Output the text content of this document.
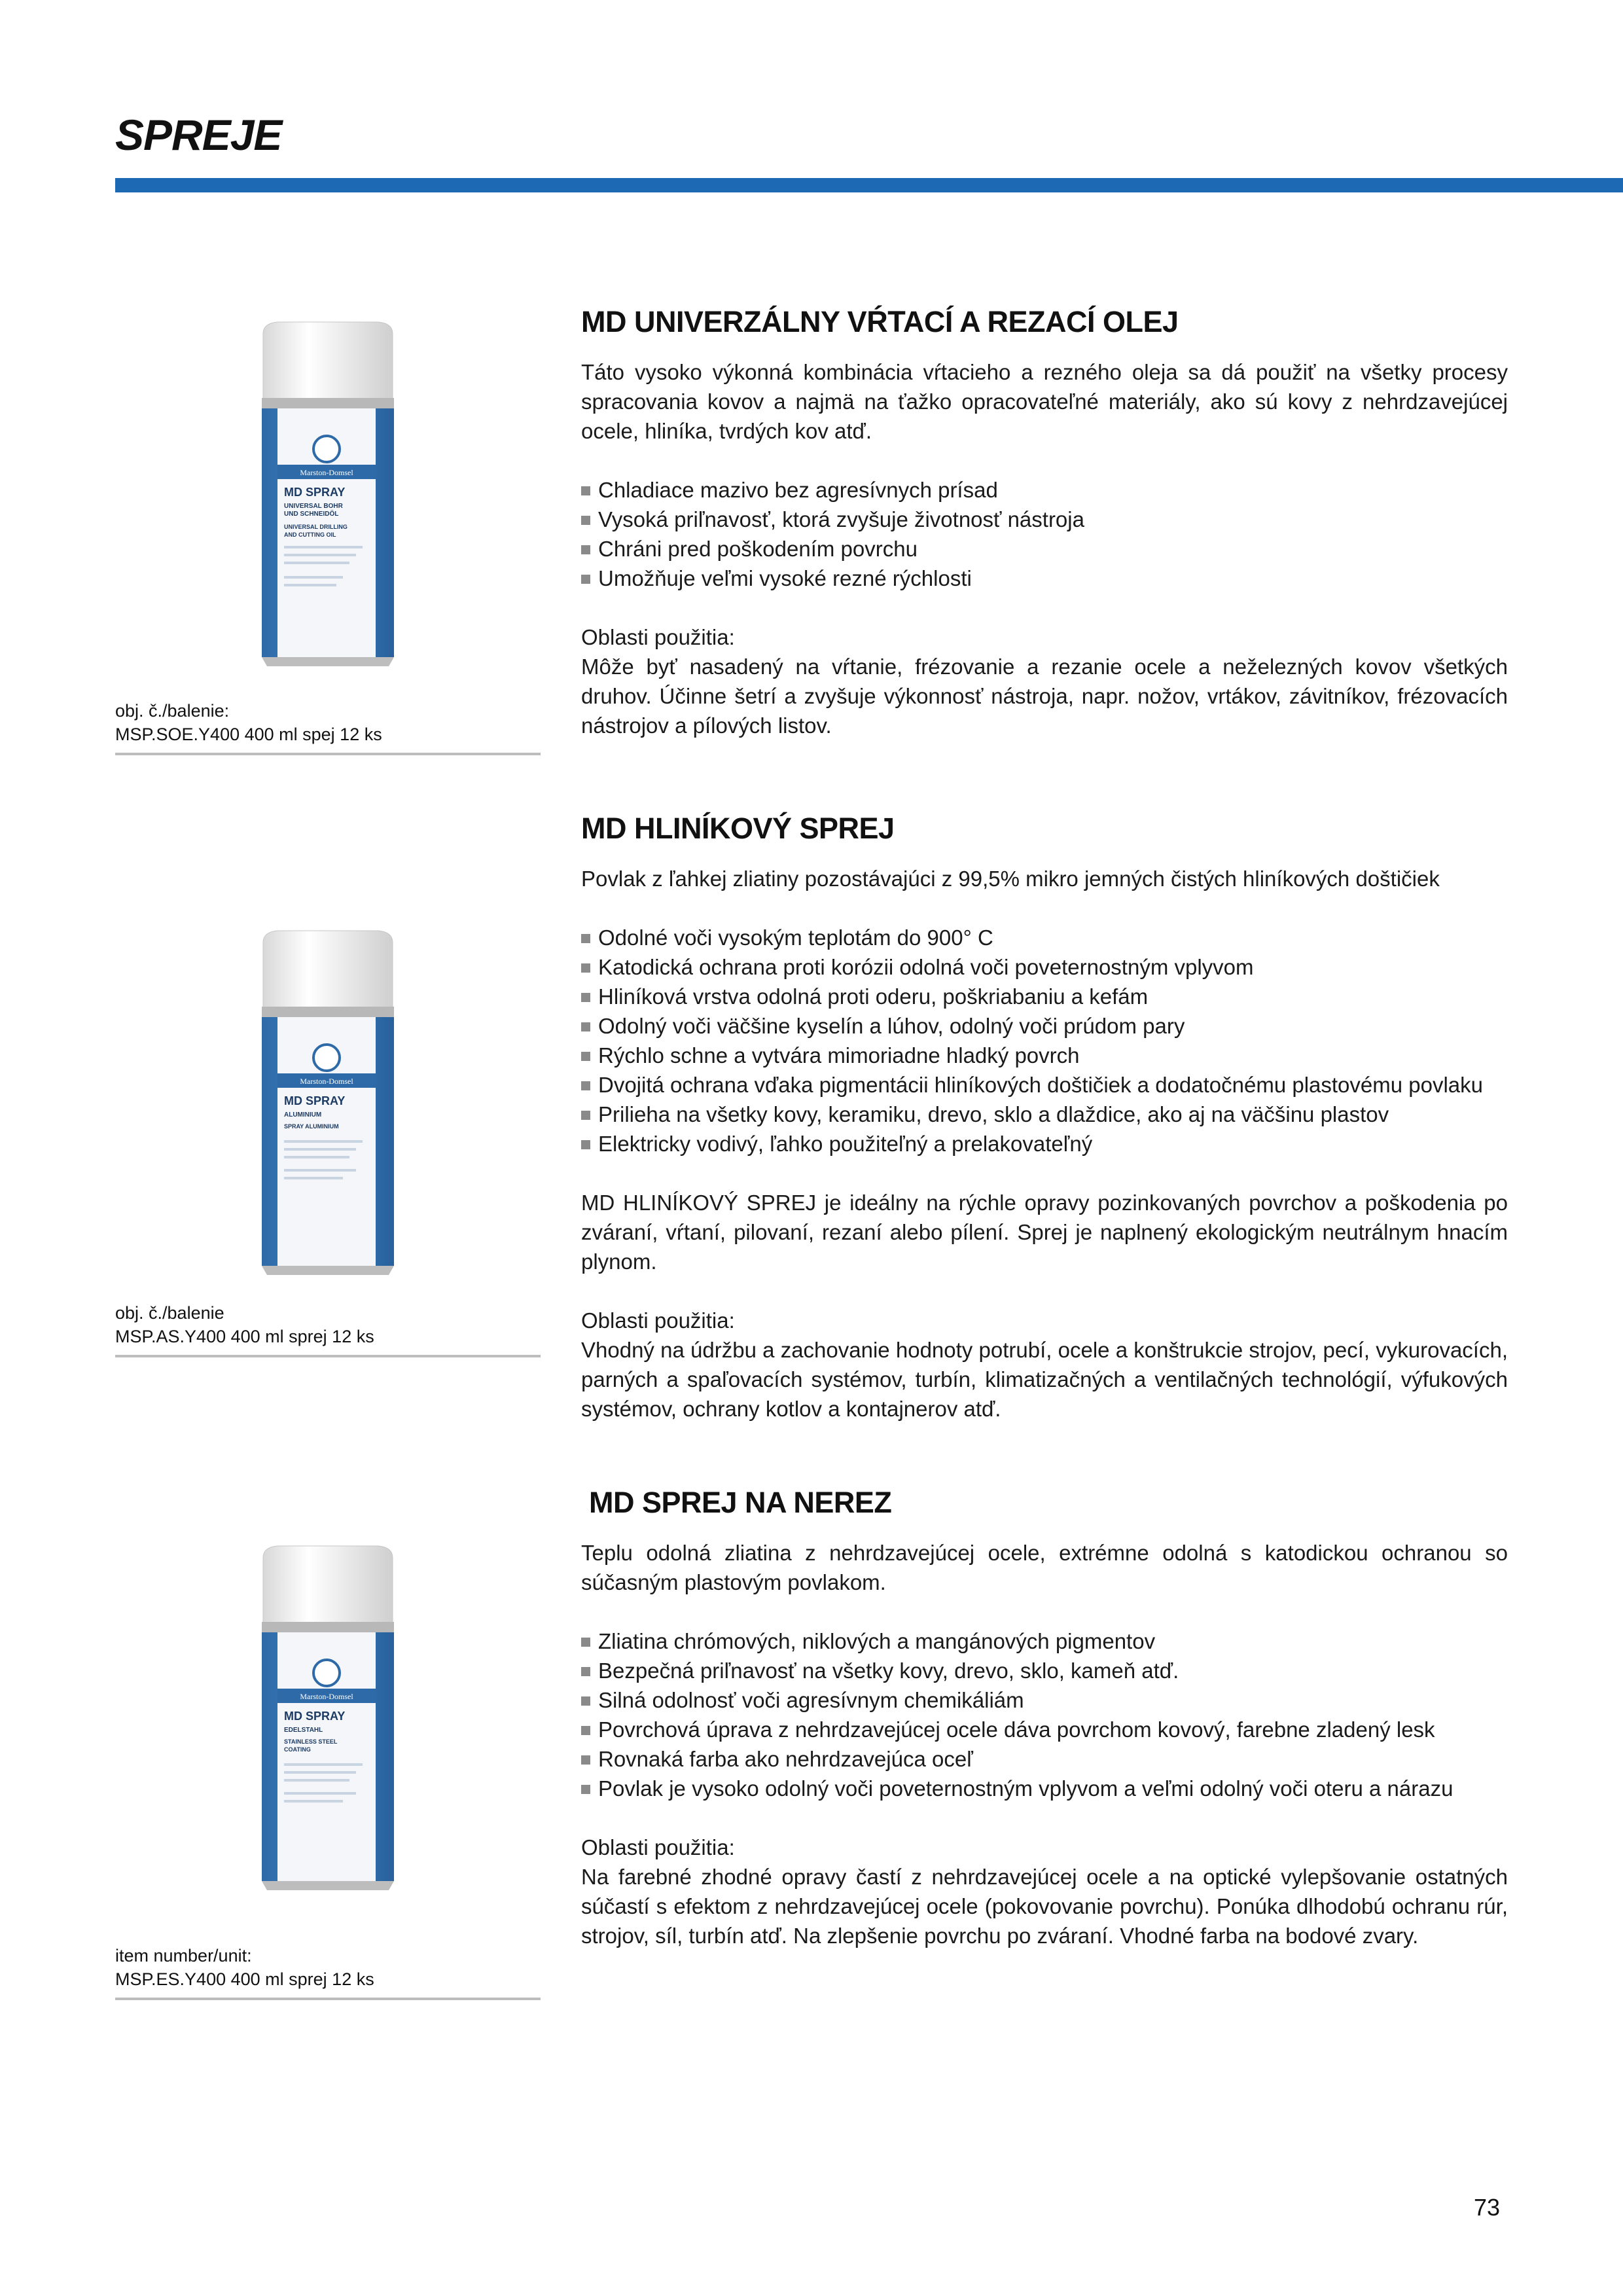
SPREJE
Marston-Domsel
MD SPRAY
UNIVERSAL BOHR
UND SCHNEIDÖL
UNIVERSAL DRILLING
AND CUTTING OIL
obj. č./balenie:
MSP.SOE.Y400 400 ml spej 12 ks
MD UNIVERZÁLNY VŔTACÍ A REZACÍ OLEJ

Táto vysoko výkonná kombinácia vŕtacieho a rezného oleja sa dá použiť na všetky procesy spracovania kovov a najmä na ťažko opracovateľné materiály, ako sú kovy z nehrdzavejúcej ocele, hliníka, tvrdých kov atď.

Chladiace mazivo bez agresívnych prísad
Vysoká priľnavosť, ktorá zvyšuje životnosť nástroja
Chráni pred poškodením povrchu
Umožňuje veľmi vysoké rezné rýchlosti

Oblasti použitia:

Môže byť nasadený na vŕtanie, frézovanie a rezanie ocele a neželezných kovov všetkých druhov. Účinne šetrí a zvyšuje výkonnosť nástroja, napr. nožov, vrtákov, závitníkov, frézovacích nástrojov a pílových listov.

Marston-Domsel
MD SPRAY
ALUMINIUM
SPRAY ALUMINIUM
obj. č./balenie
MSP.AS.Y400 400 ml sprej 12 ks
MD HLINÍKOVÝ SPREJ

Povlak z ľahkej zliatiny pozostávajúci z 99,5% mikro jemných čistých hliníkových doštičiek

Odolné voči vysokým teplotám do 900° C
Katodická ochrana proti korózii odolná voči poveternostným vplyvom
Hliníková vrstva odolná proti oderu, poškriabaniu a kefám
Odolný voči väčšine kyselín a lúhov, odolný voči prúdom pary
Rýchlo schne a vytvára mimoriadne hladký povrch
Dvojitá ochrana vďaka pigmentácii hliníkových doštičiek a dodatočnému plastovému povlaku
Prilieha na všetky kovy, keramiku, drevo, sklo a dlaždice, ako aj na väčšinu plastov
Elektricky vodivý, ľahko použiteľný a prelakovateľný

MD HLINÍKOVÝ SPREJ je ideálny na rýchle opravy pozinkovaných povrchov a poškodenia po zváraní, vŕtaní, pilovaní, rezaní alebo pílení. Sprej je naplnený ekologickým neutrálnym hnacím plynom.

Oblasti použitia:

Vhodný na údržbu a zachovanie hodnoty potrubí, ocele a konštrukcie strojov, pecí, vykurovacích, parných a spaľovacích systémov, turbín, klimatizačných a ventilačných technológií, výfukových systémov, ochrany kotlov a kontajnerov atď.

Marston-Domsel
MD SPRAY
EDELSTAHL
STAINLESS STEEL
COATING
item number/unit:
MSP.ES.Y400 400 ml sprej 12 ks
MD SPREJ NA NEREZ

Teplu odolná zliatina z nehrdzavejúcej ocele, extrémne odolná s katodickou ochranou so súčasným plastovým povlakom.

Zliatina chrómových, niklových a mangánových pigmentov
Bezpečná priľnavosť na všetky kovy, drevo, sklo, kameň atď.
Silná odolnosť voči agresívnym chemikáliám
Povrchová úprava z nehrdzavejúcej ocele dáva povrchom kovový, farebne zladený lesk
Rovnaká farba ako nehrdzavejúca oceľ
Povlak je vysoko odolný voči poveternostným vplyvom a veľmi odolný voči oteru a nárazu

Oblasti použitia:

Na farebné zhodné opravy častí z nehrdzavejúcej ocele a na optické vylepšovanie ostatných súčastí s efektom z nehrdzavejúcej ocele (pokovovanie povrchu). Ponúka dlhodobú ochranu rúr, strojov, síl, turbín atď. Na zlepšenie povrchu po zváraní. Vhodné farba na bodové zvary.

73
